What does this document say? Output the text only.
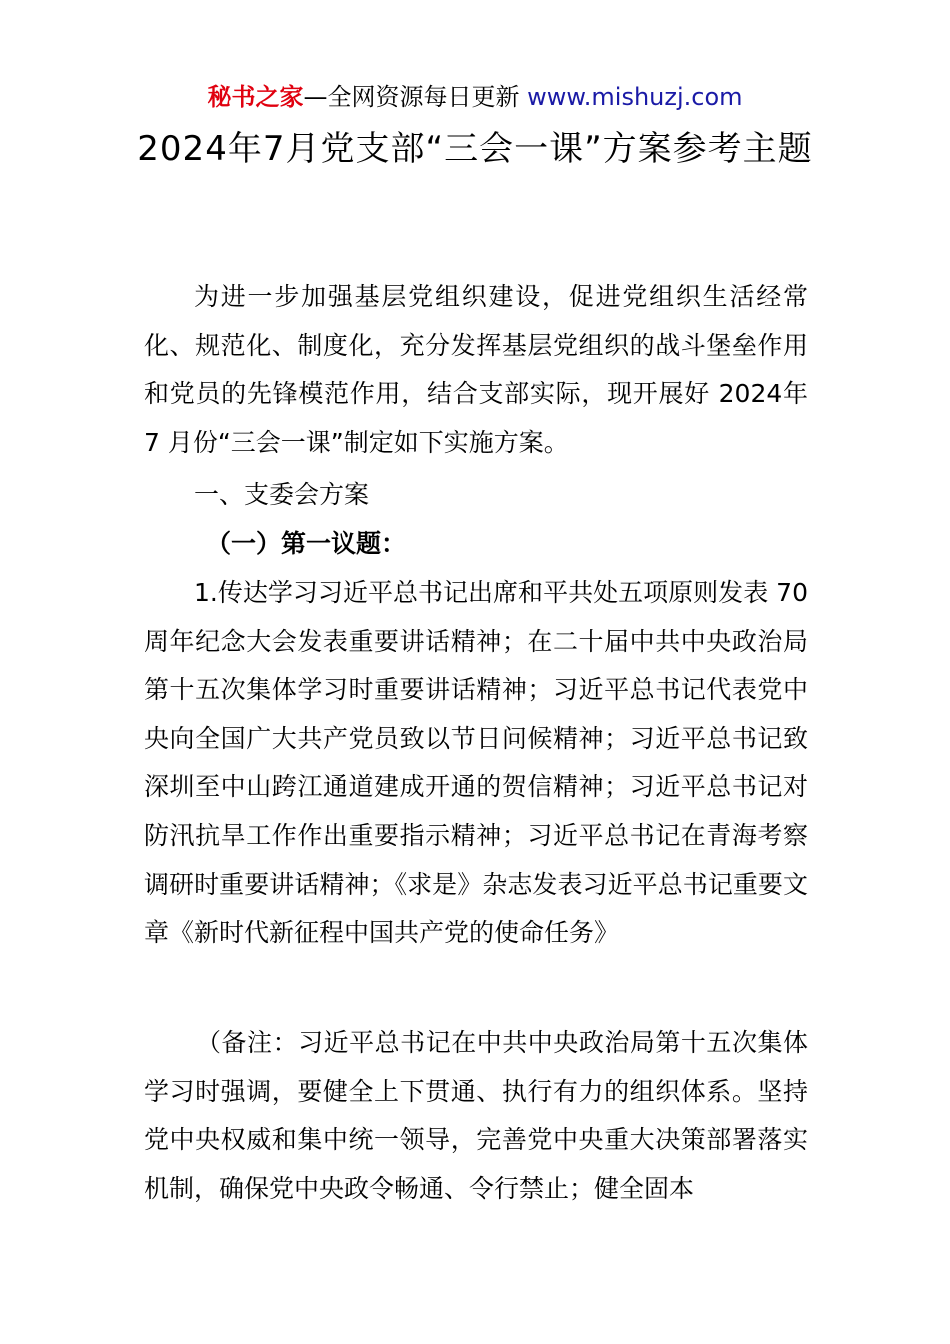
秘书之家—全网资源每日更新 www.mishuzj.com
2024年7月党支部“三会一课”方案参考主题

为进一步加强基层党组织建设，促进党组织生活经常化、规范化、制度化，充分发挥基层党组织的战斗堡垒作用和党员的先锋模范作用，结合支部实际，现开展好 2024年 7 月份“三会一课”制定如下实施方案。

一、支委会方案

（一）第一议题：

1.传达学习习近平总书记出席和平共处五项原则发表 70 周年纪念大会发表重要讲话精神；在二十届中共中央政治局第十五次集体学习时重要讲话精神；习近平总书记代表党中央向全国广大共产党员致以节日问候精神；习近平总书记致深圳至中山跨江通道建成开通的贺信精神；习近平总书记对防汛抗旱工作作出重要指示精神；习近平总书记在青海考察调研时重要讲话精神；《求是》杂志发表习近平总书记重要文章《新时代新征程中国共产党的使命任务》

（备注：习近平总书记在中共中央政治局第十五次集体学习时强调，要健全上下贯通、执行有力的组织体系。坚持党中央权威和集中统一领导，完善党中央重大决策部署落实机制，确保党中央政令畅通、令行禁止；健全固本
